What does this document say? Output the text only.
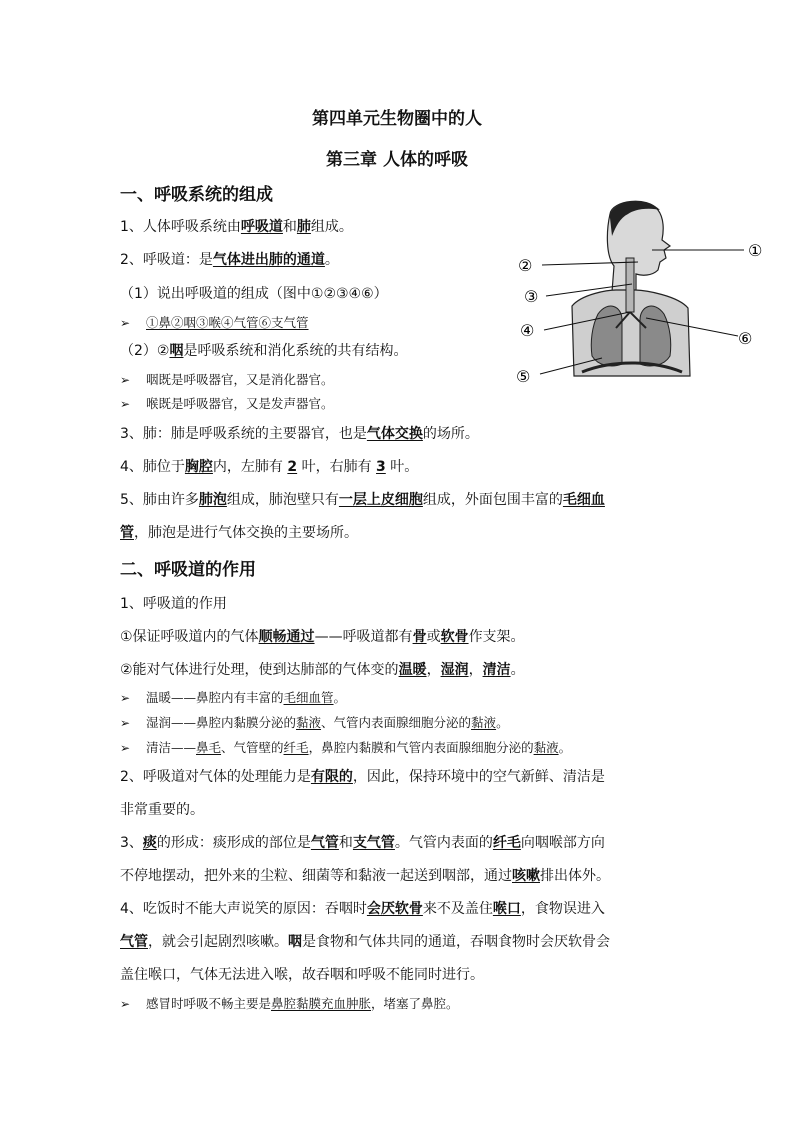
第四单元生物圈中的人
第三章 人体的呼吸
一、呼吸系统的组成
1、人体呼吸系统由呼吸道和肺组成。
2、呼吸道：是气体进出肺的通道。
（1）说出呼吸道的组成（图中①②③④⑥）
➢ ①鼻②咽③喉④气管⑥支气管
（2）②咽是呼吸系统和消化系统的共有结构。
➢ 咽既是呼吸器官，又是消化器官。
➢ 喉既是呼吸器官，又是发声器官。
3、肺：肺是呼吸系统的主要器官，也是气体交换的场所。
4、肺位于胸腔内，左肺有 2 叶，右肺有 3 叶。
5、肺由许多肺泡组成，肺泡壁只有一层上皮细胞组成，外面包围丰富的毛细血
管，肺泡是进行气体交换的主要场所。
二、呼吸道的作用
1、呼吸道的作用
①保证呼吸道内的气体顺畅通过——呼吸道都有骨或软骨作支架。
②能对气体进行处理，使到达肺部的气体变的温暖，湿润，清洁。
➢ 温暖——鼻腔内有丰富的毛细血管。
➢ 湿润——鼻腔内黏膜分泌的黏液、气管内表面腺细胞分泌的黏液。
➢ 清洁——鼻毛、气管壁的纤毛，鼻腔内黏膜和气管内表面腺细胞分泌的黏液。
2、呼吸道对气体的处理能力是有限的，因此，保持环境中的空气新鲜、清洁是
非常重要的。
3、痰的形成：痰形成的部位是气管和支气管。气管内表面的纤毛向咽喉部方向
不停地摆动，把外来的尘粒、细菌等和黏液一起送到咽部，通过咳嗽排出体外。
4、吃饭时不能大声说笑的原因：吞咽时会厌软骨来不及盖住喉口，食物误进入
气管，就会引起剧烈咳嗽。咽是食物和气体共同的通道，吞咽食物时会厌软骨会
盖住喉口，气体无法进入喉，故吞咽和呼吸不能同时进行。
➢ 感冒时呼吸不畅主要是鼻腔黏膜充血肿胀，堵塞了鼻腔。
①
②
③
④
⑤
⑥
